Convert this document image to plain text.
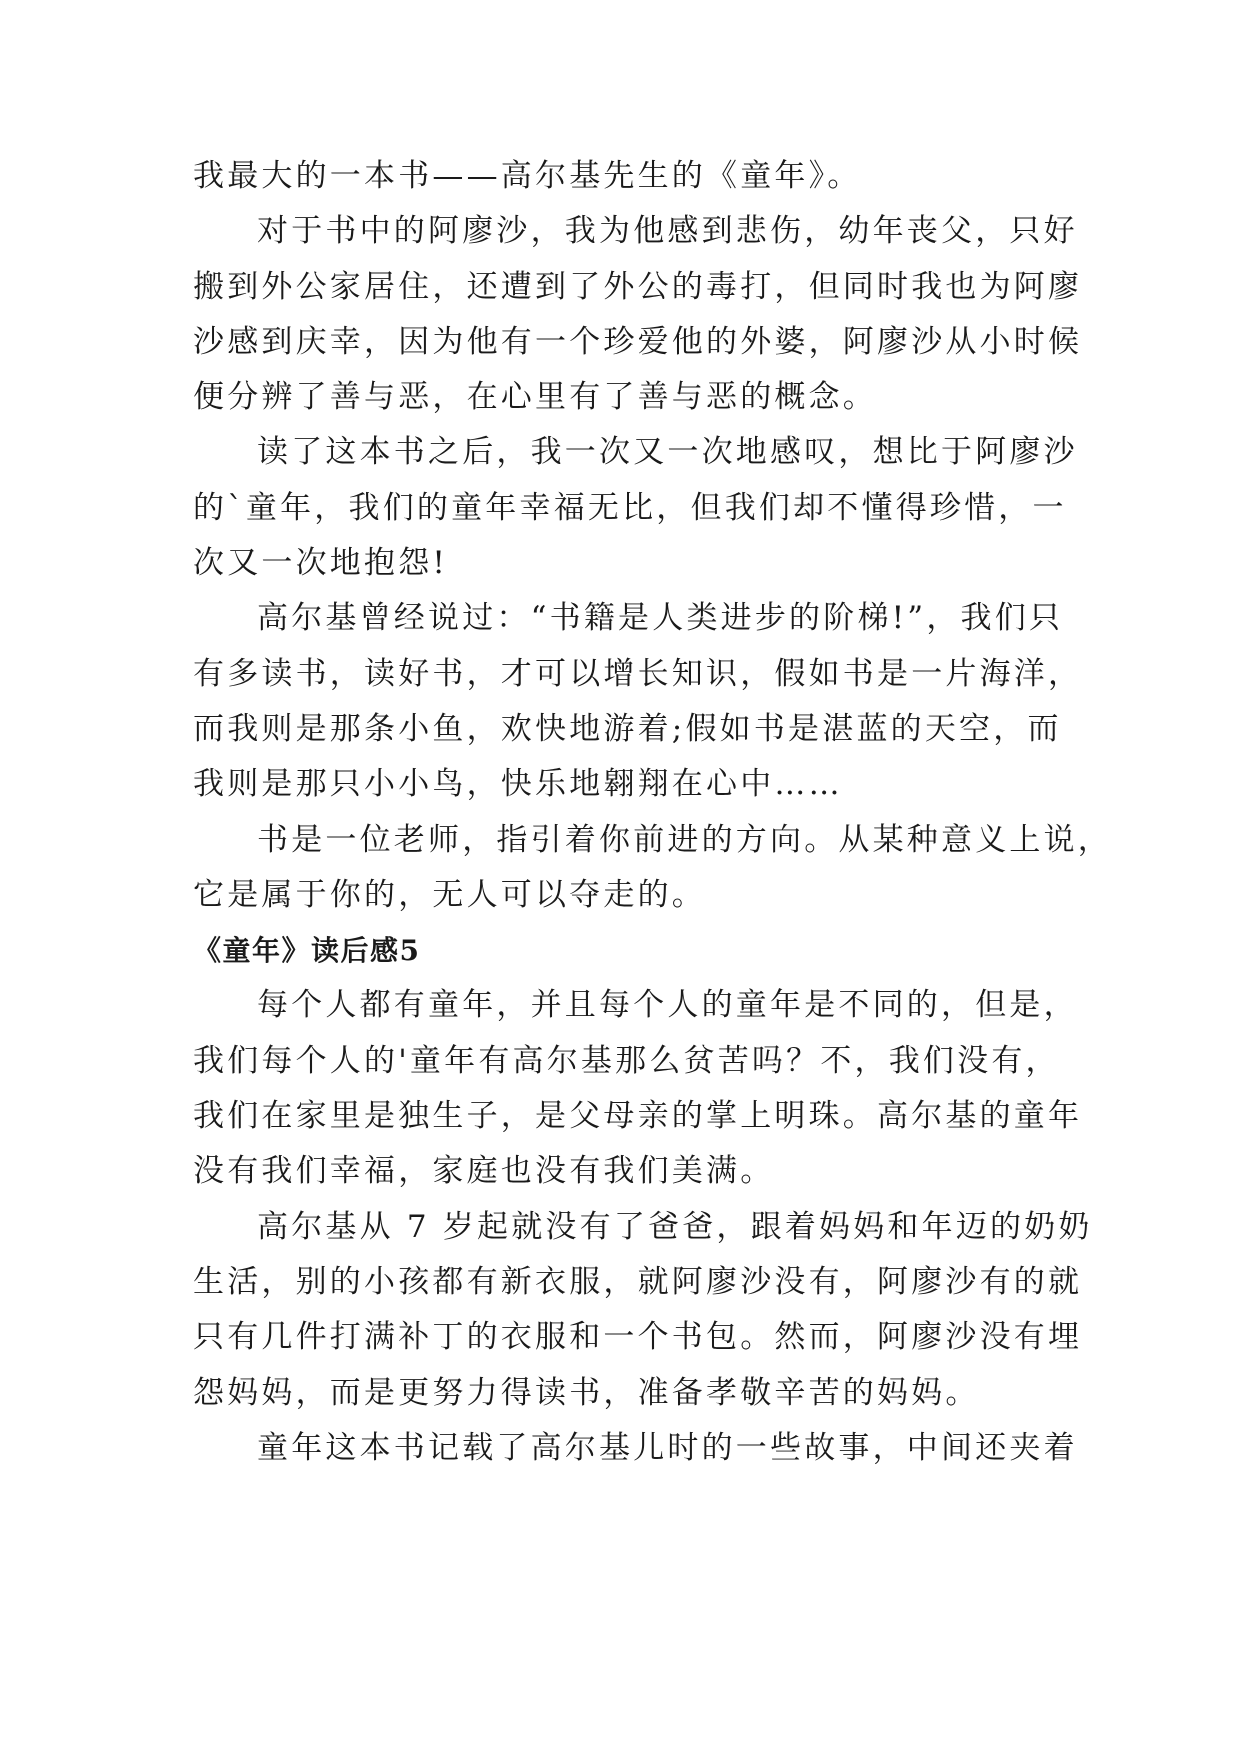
我最大的一本书——高尔基先生的《童年》。

对于书中的阿廖沙，我为他感到悲伤，幼年丧父，只好
搬到外公家居住，还遭到了外公的毒打，但同时我也为阿廖
沙感到庆幸，因为他有一个珍爱他的外婆，阿廖沙从小时候
便分辨了善与恶，在心里有了善与恶的概念。

读了这本书之后，我一次又一次地感叹，想比于阿廖沙
的`童年，我们的童年幸福无比，但我们却不懂得珍惜，一
次又一次地抱怨!

高尔基曾经说过：“书籍是人类进步的阶梯!”，我们只
有多读书，读好书，才可以增长知识，假如书是一片海洋，
而我则是那条小鱼，欢快地游着;假如书是湛蓝的天空，而
我则是那只小小鸟，快乐地翱翔在心中……

书是一位老师，指引着你前进的方向。从某种意义上说，
它是属于你的，无人可以夺走的。

《童年》读后感5

每个人都有童年，并且每个人的童年是不同的，但是，
我们每个人的'童年有高尔基那么贫苦吗？不，我们没有，
我们在家里是独生子，是父母亲的掌上明珠。高尔基的童年
没有我们幸福，家庭也没有我们美满。

高尔基从 7 岁起就没有了爸爸，跟着妈妈和年迈的奶奶
生活，别的小孩都有新衣服，就阿廖沙没有，阿廖沙有的就
只有几件打满补丁的衣服和一个书包。然而，阿廖沙没有埋
怨妈妈，而是更努力得读书，准备孝敬辛苦的妈妈。

童年这本书记载了高尔基儿时的一些故事，中间还夹着
